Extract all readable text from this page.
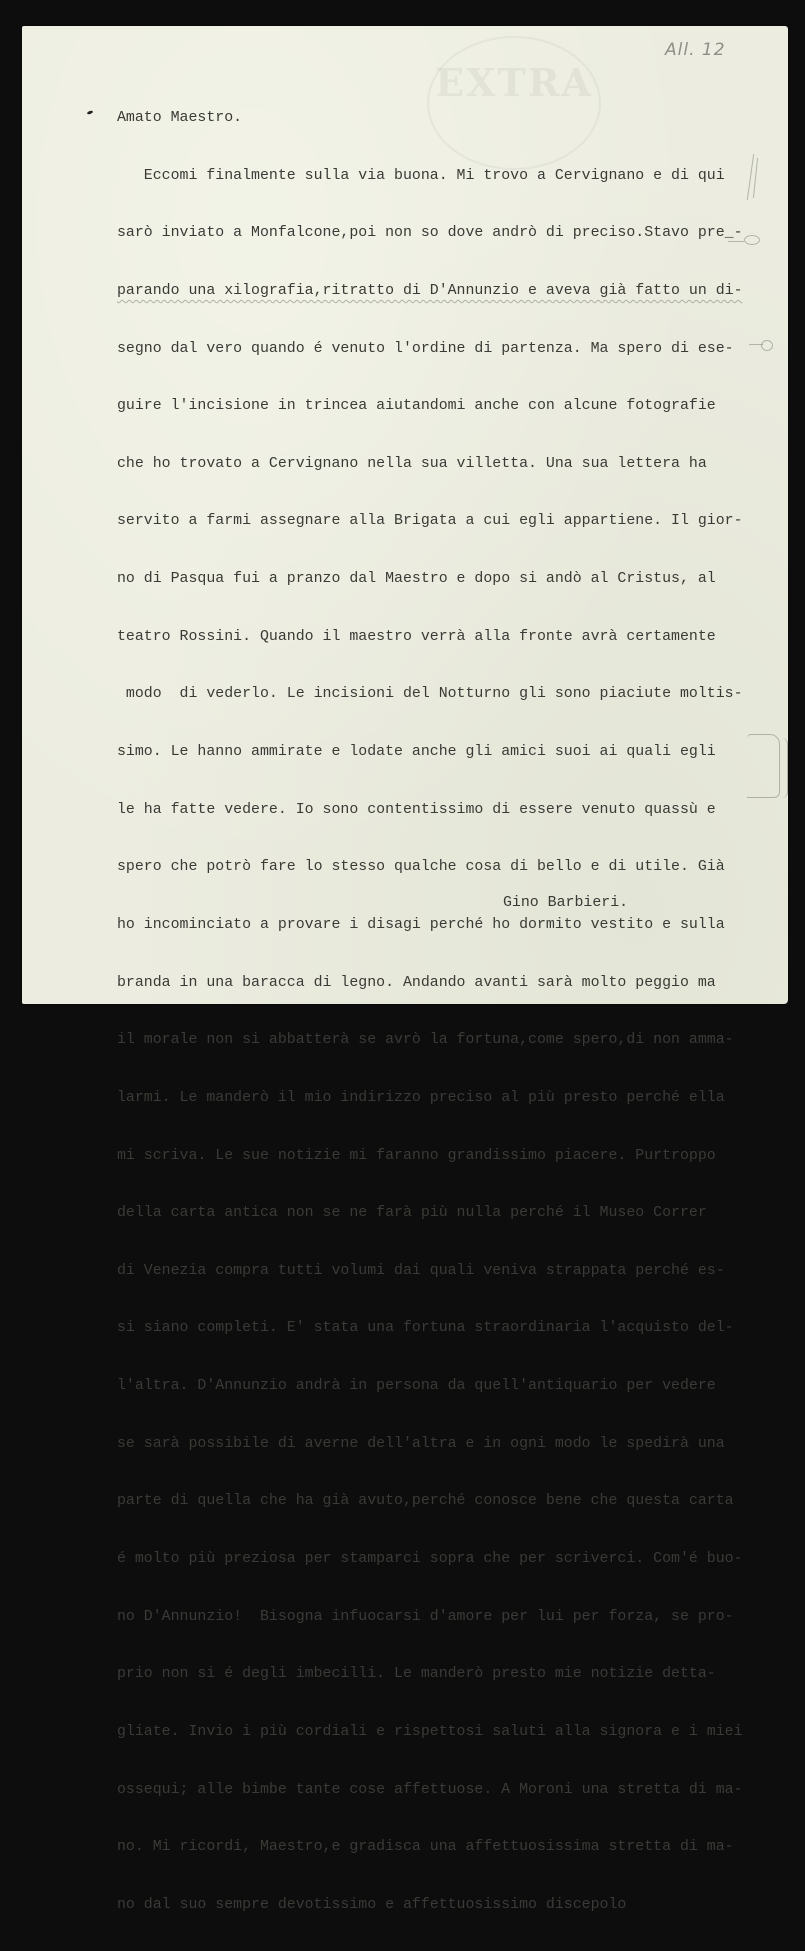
EXTRA
All. 12

Amato Maestro.

Eccomi finalmente sulla via buona. Mi trovo a Cervignano e di qui

sarò inviato a Monfalcone,poi non so dove andrò di preciso.Stavo pre_-

parando una xilografia,ritratto di D'Annunzio e aveva già fatto un di-

segno dal vero quando é venuto l'ordine di partenza. Ma spero di ese-

guire l'incisione in trincea aiutandomi anche con alcune fotografie

che ho trovato a Cervignano nella sua villetta. Una sua lettera ha

servito a farmi assegnare alla Brigata a cui egli appartiene. Il gior-

no di Pasqua fui a pranzo dal Maestro e dopo si andò al Cristus, al

teatro Rossini. Quando il maestro verrà alla fronte avrà certamente

modo  di vederlo. Le incisioni del Notturno gli sono piaciute moltis-

simo. Le hanno ammirate e lodate anche gli amici suoi ai quali egli

le ha fatte vedere. Io sono contentissimo di essere venuto quassù e

spero che potrò fare lo stesso qualche cosa di bello e di utile. Già

ho incominciato a provare i disagi perché ho dormito vestito e sulla

branda in una baracca di legno. Andando avanti sarà molto peggio ma

il morale non si abbatterà se avrò la fortuna,come spero,di non amma-

larmi. Le manderò il mio indirizzo preciso al più presto perché ella

mi scriva. Le sue notizie mi faranno grandissimo piacere. Purtroppo

della carta antica non se ne farà più nulla perché il Museo Correr

di Venezia compra tutti volumi dai quali veniva strappata perché es-

si siano completi. E' stata una fortuna straordinaria l'acquisto del-

l'altra. D'Annunzio andrà in persona da quell'antiquario per vedere

se sarà possibile di averne dell'altra e in ogni modo le spedirà una

parte di quella che ha già avuto,perché conosce bene che questa carta

é molto più preziosa per stamparci sopra che per scriverci. Com'é buo-

no D'Annunzio!  Bisogna infuocarsi d'amore per lui per forza, se pro-

prio non si é degli imbecilli. Le manderò presto mie notizie detta-

gliate. Invio i più cordiali e rispettosi saluti alla signora e i miei

ossequi; alle bimbe tante cose affettuose. A Moroni una stretta di ma-

no. Mi ricordi, Maestro,e gradisca una affettuosissima stretta di ma-

no dal suo sempre devotissimo e affettuosissimo discepolo

Gino Barbieri.
